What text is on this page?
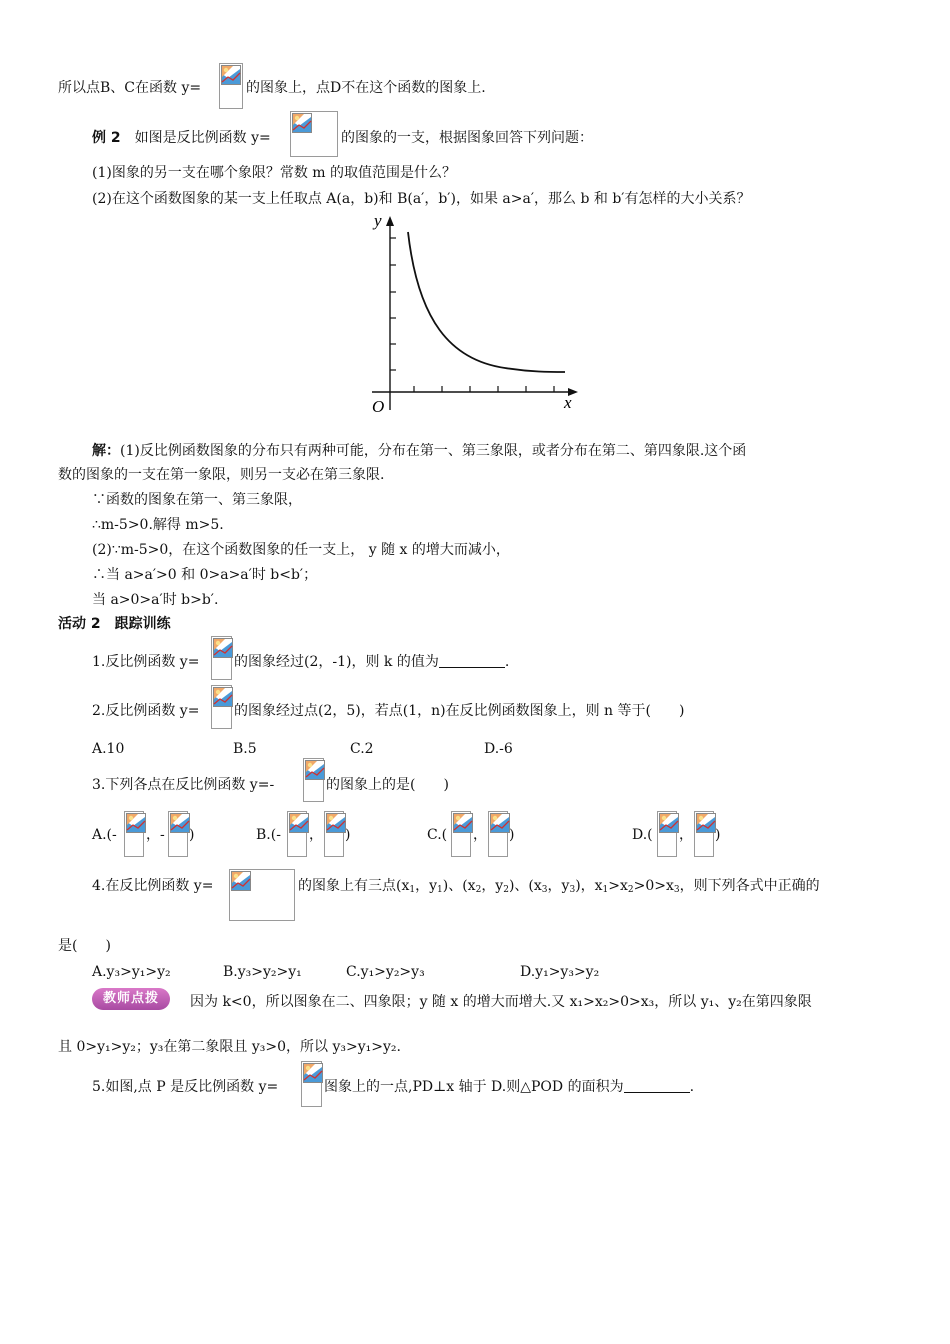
所以点B、C在函数 y=	的图象上，点D不在这个函数的图象上.
例 2　 如图是反比例函数 y=	的图象的一支，根据图象回答下列问题：
(1)图象的另一支在哪个象限？常数 m 的取值范围是什么？
(2)在这个函数图象的某一支上任取点 A(a，b)和 B(a′，b′)，如果 a>a′，那么 b 和 b′有怎样的大小关系？
y
x
O
解：(1)反比例函数图象的分布只有两种可能，分布在第一、第三象限，或者分布在第二、第四象限.这个函
数的图象的一支在第一象限，则另一支必在第三象限.
∵函数的图象在第一、第三象限，
∴m-5>0.解得 m>5.
(2)∵m-5>0，在这个函数图象的任一支上， y 随 x 的增大而减小，
∴当 a>a′>0 和 0>a>a′时 b<b′；
当 a>0>a′时 b>b′.
活动 2　跟踪训练
1.反比例函数 y= 的图象经过(2，-1)，则 k 的值为	.
2.反比例函数 y= 的图象经过点(2，5)，若点(1，n)在反比例函数图象上，则 n 等于(　　)
A.10	B.5	C.2	D.-6
3.下列各点在反比例函数 y=-	的图象上的是(　　)
A.(- ，- )	B.(- ， )	C.( ， )	D.( ， )
4.在反比例函数 y=	的图象上有三点($x_1$，$y_1$)、($x_2$，$y_2$)、($x_3$，$y_3$)，$x_1>x_2>0>x_3$，则下列各式中正确的
是(　　)
A.y₃>y₁>y₂	B.y₃>y₂>y₁	C.y₁>y₂>y₃	D.y₁>y₃>y₂
教师点拨	因为 k<0，所以图象在二、四象限；y 随 x 的增大而增大.又 x₁>x₂>0>x₃，所以 y₁、y₂在第四象限
且 0>y₁>y₂；y₃在第二象限且 y₃>0，所以 y₃>y₁>y₂.
5.如图,点 P 是反比例函数 y=	图象上的一点,PD⊥x 轴于 D.则△POD 的面积为	.
